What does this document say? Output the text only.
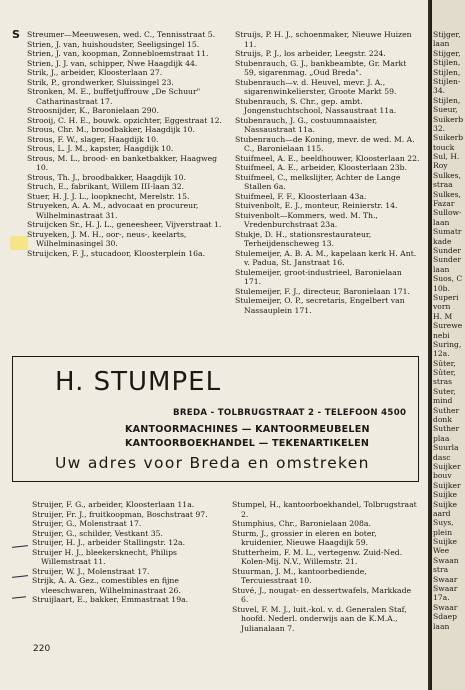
S Streumer—Meeuwesen, wed. C., Tennisstraat 5.

Strien, J. van, huishoudster, Seeligsingel 15.

Strien, J. van, koopman, Zonnebloemstraat 11.

Strien, J. J. van, schipper, Nwe Haagdijk 44.

Strik, J., arbeider, Kloosterlaan 27.

Strik, P., grondwerker, Sluissingel 23.

Stronken, M. E., buffetjuffrouw „De Schuur" Catharinastraat 17.

Stroosnijder, K., Baronielaan 290.

Strooij, C. H. E., bouwk. opzichter, Eggestraat 12.

Strous, Chr. M., broodbakker, Haagdijk 10.

Strous, F. W., slager, Haagdijk 10.

Strous, L. J. M., kapster, Haagdijk 10.

Strous, M. L., brood- en banketbakker, Haagweg 10.

Strous, Th. J., broodbakker, Haagdijk 10.

Struch, E., fabrikant, Willem III-laan 32.

Stuer, H. J. J. L., loopknecht, Merelstr. 15.

Struyeken, A. A. M., advocaat en procureur, Wilhelminastraat 31.

Struijcken Sr., H. J. L., geneesheer, Vijverstraat 1.

Struyeken, J. M. H., oor-, neus-, keelarts, Wilhelminasingel 30.

Struijcken, F. J., stucadoor, Kloosterplein 16a.

Struijs, P. H. J., schoenmaker, Nieuwe Huizen 11.

Struijs, P. J., los arbeider, Leegstr. 224.

Stubenrauch, G. J., bankbeambte, Gr. Markt 59, sigarenmag. „Oud Breda".

Stubenrauch—v. d. Heuvel, mevr. J. A., sigarenwinkelierster, Groote Markt 59.

Stubenrauch, S. Chr., gep. ambt. Jongenstuchtschool, Nassaustraat 11a.

Stubenrauch, J. G., costuumnaaister, Nassaustraat 11a.

Stubenrauch—de Koning, mevr. de wed. M. A. C., Baronielaan 115.

Stuifmeel, A. E., beeldhouwer, Kloosterlaan 22.

Stuifmeel, A. E., arbeider, Kloosterlaan 23b.

Stuifmeel, C., melkslijter, Achter de Lange Stallen 6a.

Stuifmeel, F. F., Kloosterlaan 43a.

Stuivenbolt, E. J., monteur, Reinierstr. 14.

Stuivenbolt—Kommers, wed. M. Th., Vredenburchstraat 23a.

Stukje, D. H., stationsrestaurateur, Terheijdenscheweg 13.

Stulemeijer, A. B. A. M., kapelaan kerk H. Ant. v. Padua, St. Janstraat 16.

Stulemeijer, groot-industrieel, Baronielaan 171.

Stulemeijer, F. J., directeur, Baronielaan 171.

Stulemeijer, O. P., secretaris, Engelbert van Nassauplein 171.

H. STUMPEL
BREDA - TOLBRUGSTRAAT 2 - TELEFOON 4500
KANTOORMACHINES — KANTOORMEUBELEN
KANTOORBOEKHANDEL — TEKENARTIKELEN
Uw adres voor Breda en omstreken

Struijer, F. G., arbeider, Kloosterlaan 11a.

Struijer, Fr. J., fruitkoopman, Boschstraat 97.

Struijer, G., Molenstraat 17.

Struijer, G., schilder, Vestkant 35.

Struijer, H. J., arbeider Stallingstr. 12a.

Struijer H. J., bleekersknecht, Philips Willemstraat 11.

Struijer, W. J., Molenstraat 17.

Strijk, A. A. Gez., comestibles en fijne vleeschwaren, Wilhelminastraat 26.

Struijlaart, E., bakker, Emmastraat 19a.

Stumpel, H., kantoorboekhandel, Tolbrugstraat 2.

Stumphius, Chr., Baronielaan 208a.

Sturm, J., grossier in eleren en boter, kruidenier, Nieuwe Haagdijk 59.

Stutterheim, F. M. L., vertegenw. Zuid-Ned. Kolen-Mij. N.V., Willemstr. 21.

Stuurman, J. M., kantoorbediende, Tercuiesstraat 10.

Stuvé, J., nougat- en dessertwafels, Markkade 6.

Stuvel, F. M. J., luit.-kol. v. d. Generalen Staf, hoofd. Nederl. onderwijs aan de K.M.A., Julianalaan 7.

220
Stijger,
laan
Stijger,
Stijlen,
Stijlen,
Stijlen-
34.
Stijlen,
Sueur,
Suikerb
32.
Suikerb
touck
Sul, H.
Roy
Sulkes,
straa
Sulkes,
Fazar
Sullow-
laan
Sumatr
kade
Sunder
Sunder
laan
Suos, C
10b.
Superi
vorn
H. M
Surewe
nebi
Suring,
12a.
Sûter,
Sûter,
stras
Suter,
mind
Suther
donk
Suther
plaa
Suurla
dasc
Suijker
bouv
Suijker
Suijke
Suijke
aard
Suys,
plein
Suijke
Wee
Swaan
stra
Swaar
Swaar
17a.
Swaar
Sdaep
laan
